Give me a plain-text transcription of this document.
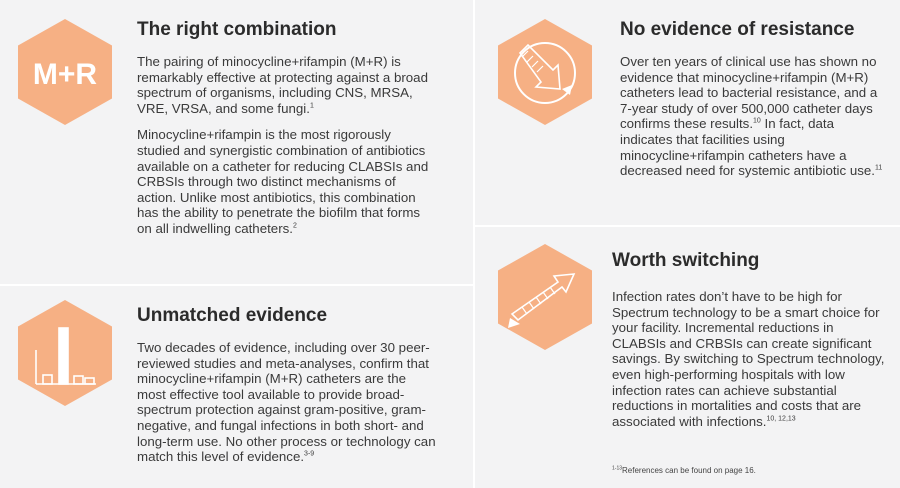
M+R
The right combination

The pairing of minocycline+rifampin (M+R) is remarkably effective at protecting against a broad spectrum of organisms, including CNS, MRSA, VRE, VRSA, and some fungi.$^1$

Minocycline+rifampin is the most rigorously studied and synergistic combination of antibiotics available on a catheter for reducing CLABSIs and CRBSIs through two distinct mechanisms of action. Unlike most antibiotics, this combination has the ability to penetrate the biofilm that forms on all indwelling catheters.$^2$

Unmatched evidence

Two decades of evidence, including over 30 peer-reviewed studies and meta-analyses, confirm that minocycline+rifampin (M+R) catheters are the most effective tool available to provide broad-spectrum protection against gram-positive, gram-negative, and fungal infections in both short- and long-term use. No other process or technology can match this level of evidence.$^{3-9}$

No evidence of resistance

Over ten years of clinical use has shown no evidence that minocycline+rifampin (M+R) catheters lead to bacterial resistance, and a 7-year study of over 500,000 catheter days confirms these results.$^{10}$ In fact, data indicates that facilities using minocycline+rifampin catheters have a decreased need for systemic antibiotic use.$^{11}$

Worth switching

Infection rates don’t have to be high for Spectrum technology to be a smart choice for your facility. Incremental reductions in CLABSIs and CRBSIs can create significant savings. By switching to Spectrum technology, even high-performing hospitals with low infection rates can achieve substantial reductions in mortalities and costs that are associated with infections.$^{10, 12,13}$

$^{1-13}$References can be found on page 16.
